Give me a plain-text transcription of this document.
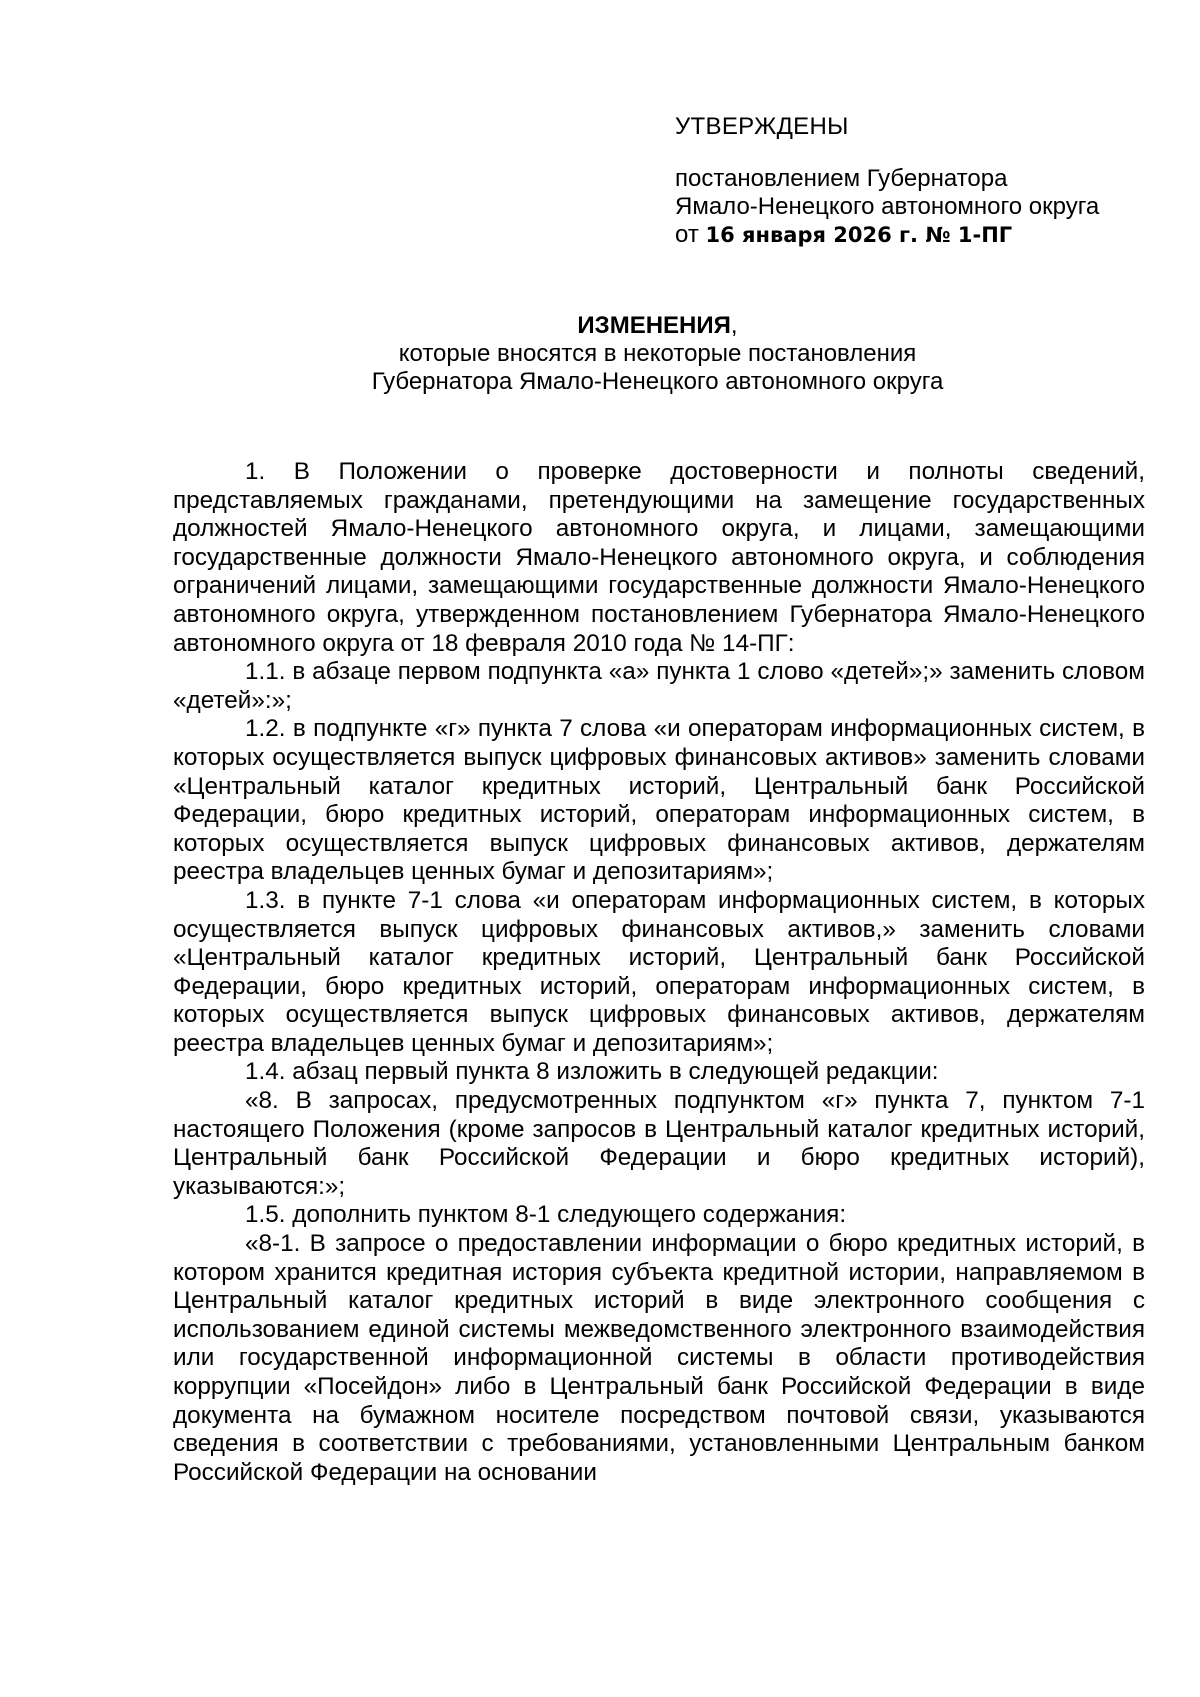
УТВЕРЖДЕНЫ
постановлением Губернатора
Ямало-Ненецкого автономного округа
от 16 января 2026 г. № 1-ПГ
ИЗМЕНЕНИЯ,
которые вносятся в некоторые постановления
Губернатора Ямало-Ненецкого автономного округа

1. В Положении о проверке достоверности и полноты сведений, представляемых гражданами, претендующими на замещение государственных должностей Ямало-Ненецкого автономного округа, и лицами, замещающими государственные должности Ямало-Ненецкого автономного округа, и соблюдения ограничений лицами, замещающими государственные должности Ямало-Ненецкого автономного округа, утвержденном постановлением Губернатора Ямало-Ненецкого автономного округа от 18 февраля 2010 года № 14-ПГ:

1.1. в абзаце первом подпункта «а» пункта 1 слово «детей»;» заменить словом «детей»:»;

1.2. в подпункте «г» пункта 7 слова «и операторам информационных систем, в которых осуществляется выпуск цифровых финансовых активов» заменить словами «Центральный каталог кредитных историй, Центральный банк Российской Федерации, бюро кредитных историй, операторам информационных систем, в которых осуществляется выпуск цифровых финансовых активов, держателям реестра владельцев ценных бумаг и депозитариям»;

1.3. в пункте 7-1 слова «и операторам информационных систем, в которых осуществляется выпуск цифровых финансовых активов,» заменить словами «Центральный каталог кредитных историй, Центральный банк Российской Федерации, бюро кредитных историй, операторам информационных систем, в которых осуществляется выпуск цифровых финансовых активов, держателям реестра владельцев ценных бумаг и депозитариям»;

1.4. абзац первый пункта 8 изложить в следующей редакции:

«8. В запросах, предусмотренных подпунктом «г» пункта 7, пунктом 7-1 настоящего Положения (кроме запросов в Центральный каталог кредитных историй, Центральный банк Российской Федерации и бюро кредитных историй), указываются:»;

1.5. дополнить пунктом 8-1 следующего содержания:

«8-1. В запросе о предоставлении информации о бюро кредитных историй, в котором хранится кредитная история субъекта кредитной истории, направляемом в Центральный каталог кредитных историй в виде электронного сообщения с использованием единой системы межведомственного электронного взаимодействия или государственной информационной системы в области противодействия коррупции «Посейдон» либо в Центральный банк Российской Федерации в виде документа на бумажном носителе посредством почтовой связи, указываются сведения в соответствии с требованиями, установленными Центральным банком Российской Федерации на основании
